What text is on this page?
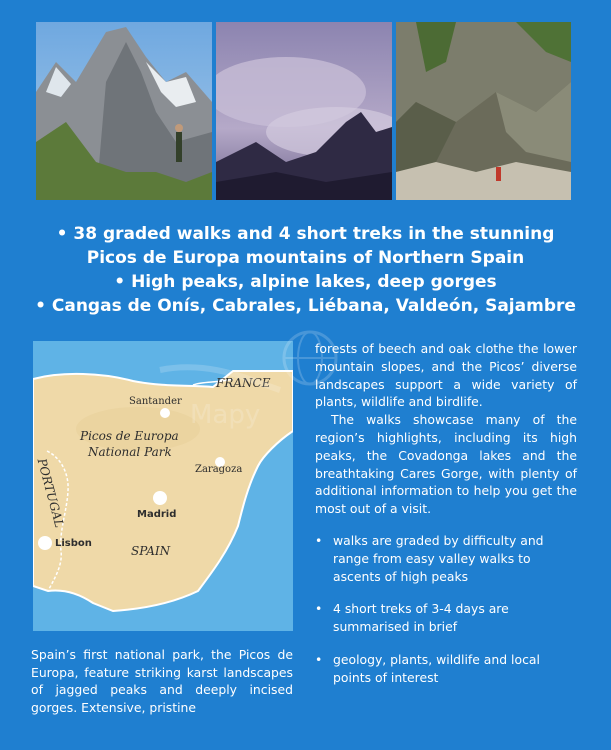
• 38 graded walks and 4 short treks in the stunning
Picos de Europa mountains of Northern Spain
• High peaks, alpine lakes, deep gorges
• Cangas de Onís, Cabrales, Liébana, Valdeón, Sajambre
FRANCE
Santander
Picos de Europa
National Park
Zaragoza
PORTUGAL	Madrid
Lisbon
SPAIN

Spain’s first national park, the Picos de Europa, feature striking karst landscapes of jagged peaks and deeply incised gorges. Extensive, pristine

forests of beech and oak clothe the lower mountain slopes, and the Picos’ diverse landscapes support a wide variety of plants, wildlife and birdlife.

The walks showcase many of the region’s highlights, including its high peaks, the Covadonga lakes and the breathtaking Cares Gorge, with plenty of additional information to help you get the most out of a visit.

• walks are graded by difficulty and range from easy valley walks to ascents of high peaks
• 4 short treks of 3-4 days are summarised in brief
• geology, plants, wildlife and local points of interest
